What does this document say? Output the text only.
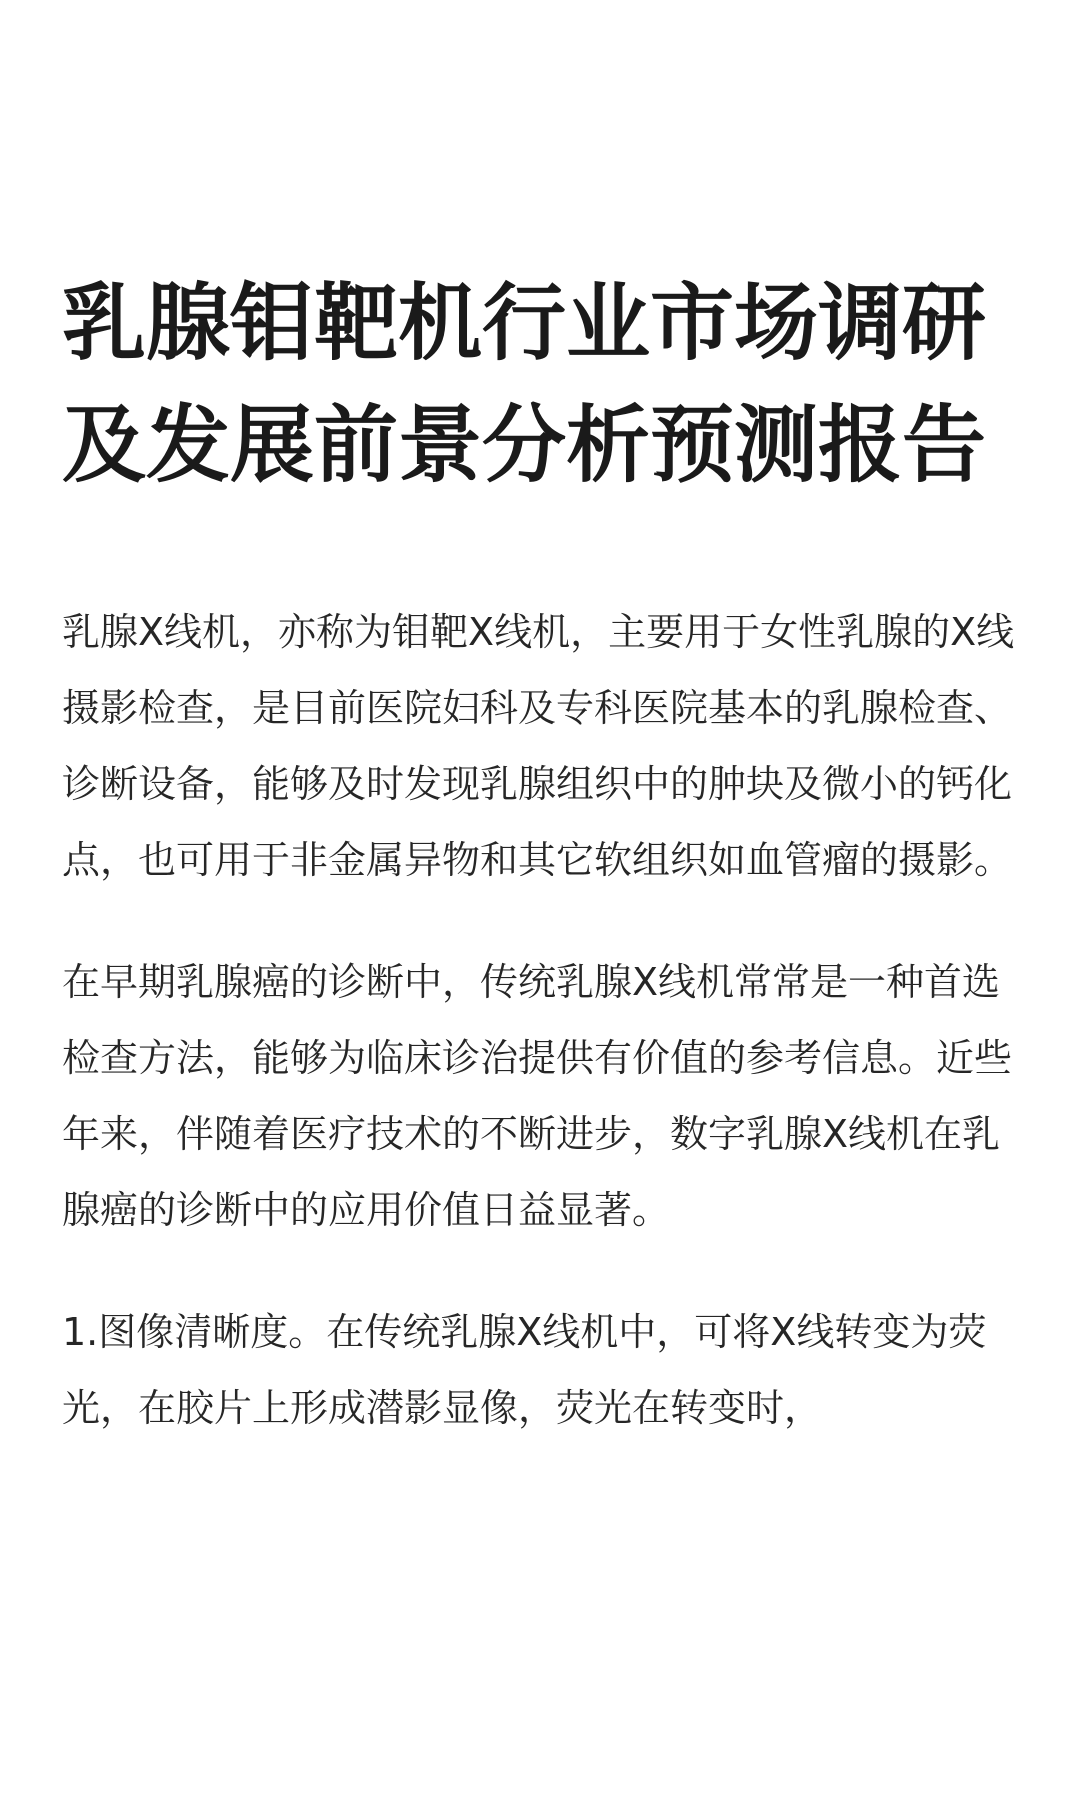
乳腺钼靶机行业市场调研及发展前景分析预测报告

乳腺X线机，亦称为钼靶X线机，主要用于女性乳腺的X线摄影检查，是目前医院妇科及专科医院基本的乳腺检查、诊断设备，能够及时发现乳腺组织中的肿块及微小的钙化点，也可用于非金属异物和其它软组织如血管瘤的摄影。

在早期乳腺癌的诊断中，传统乳腺X线机常常是一种首选检查方法，能够为临床诊治提供有价值的参考信息。近些年来，伴随着医疗技术的不断进步，数字乳腺X线机在乳腺癌的诊断中的应用价值日益显著。

1.图像清晰度。在传统乳腺X线机中，可将X线转变为荧光，在胶片上形成潜影显像，荧光在转变时，
